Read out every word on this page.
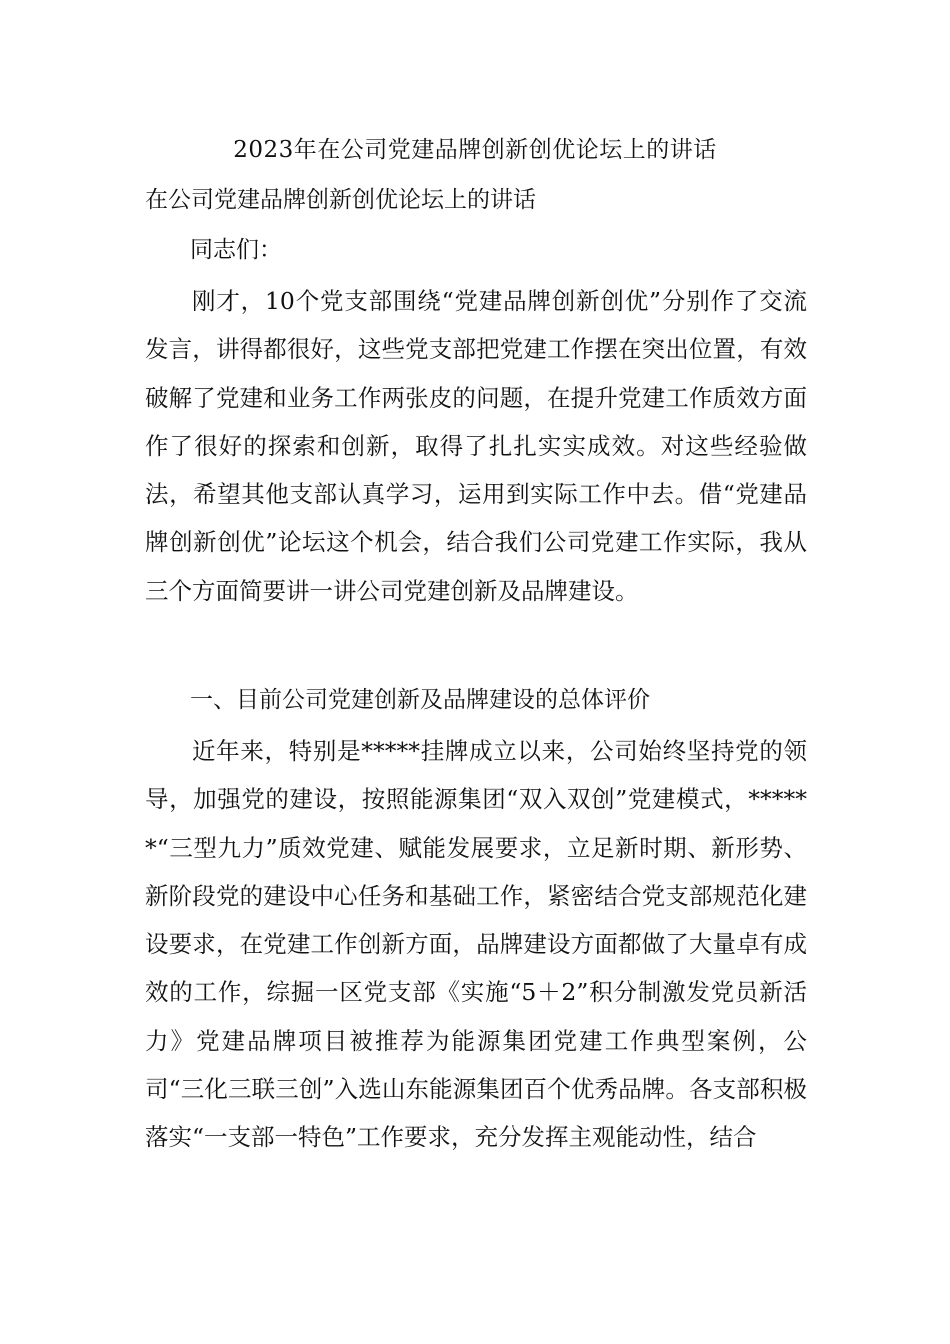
2023年在公司党建品牌创新创优论坛上的讲话

在公司党建品牌创新创优论坛上的讲话

同志们：

刚才，10个党支部围绕“党建品牌创新创优”分别作了交流发言，讲得都很好，这些党支部把党建工作摆在突出位置，有效破解了党建和业务工作两张皮的问题，在提升党建工作质效方面作了很好的探索和创新，取得了扎扎实实成效。对这些经验做法，希望其他支部认真学习，运用到实际工作中去。借“党建品牌创新创优”论坛这个机会，结合我们公司党建工作实际，我从三个方面简要讲一讲公司党建创新及品牌建设。

一、目前公司党建创新及品牌建设的总体评价

近年来，特别是*****挂牌成立以来，公司始终坚持党的领导，加强党的建设，按照能源集团“双入双创”党建模式，******“三型九力”质效党建、赋能发展要求，立足新时期、新形势、新阶段党的建设中心任务和基础工作，紧密结合党支部规范化建设要求，在党建工作创新方面，品牌建设方面都做了大量卓有成效的工作，综掘一区党支部《实施“5＋2”积分制激发党员新活力》党建品牌项目被推荐为能源集团党建工作典型案例，公司“三化三联三创”入选山东能源集团百个优秀品牌。各支部积极落实“一支部一特色”工作要求，充分发挥主观能动性，结合
